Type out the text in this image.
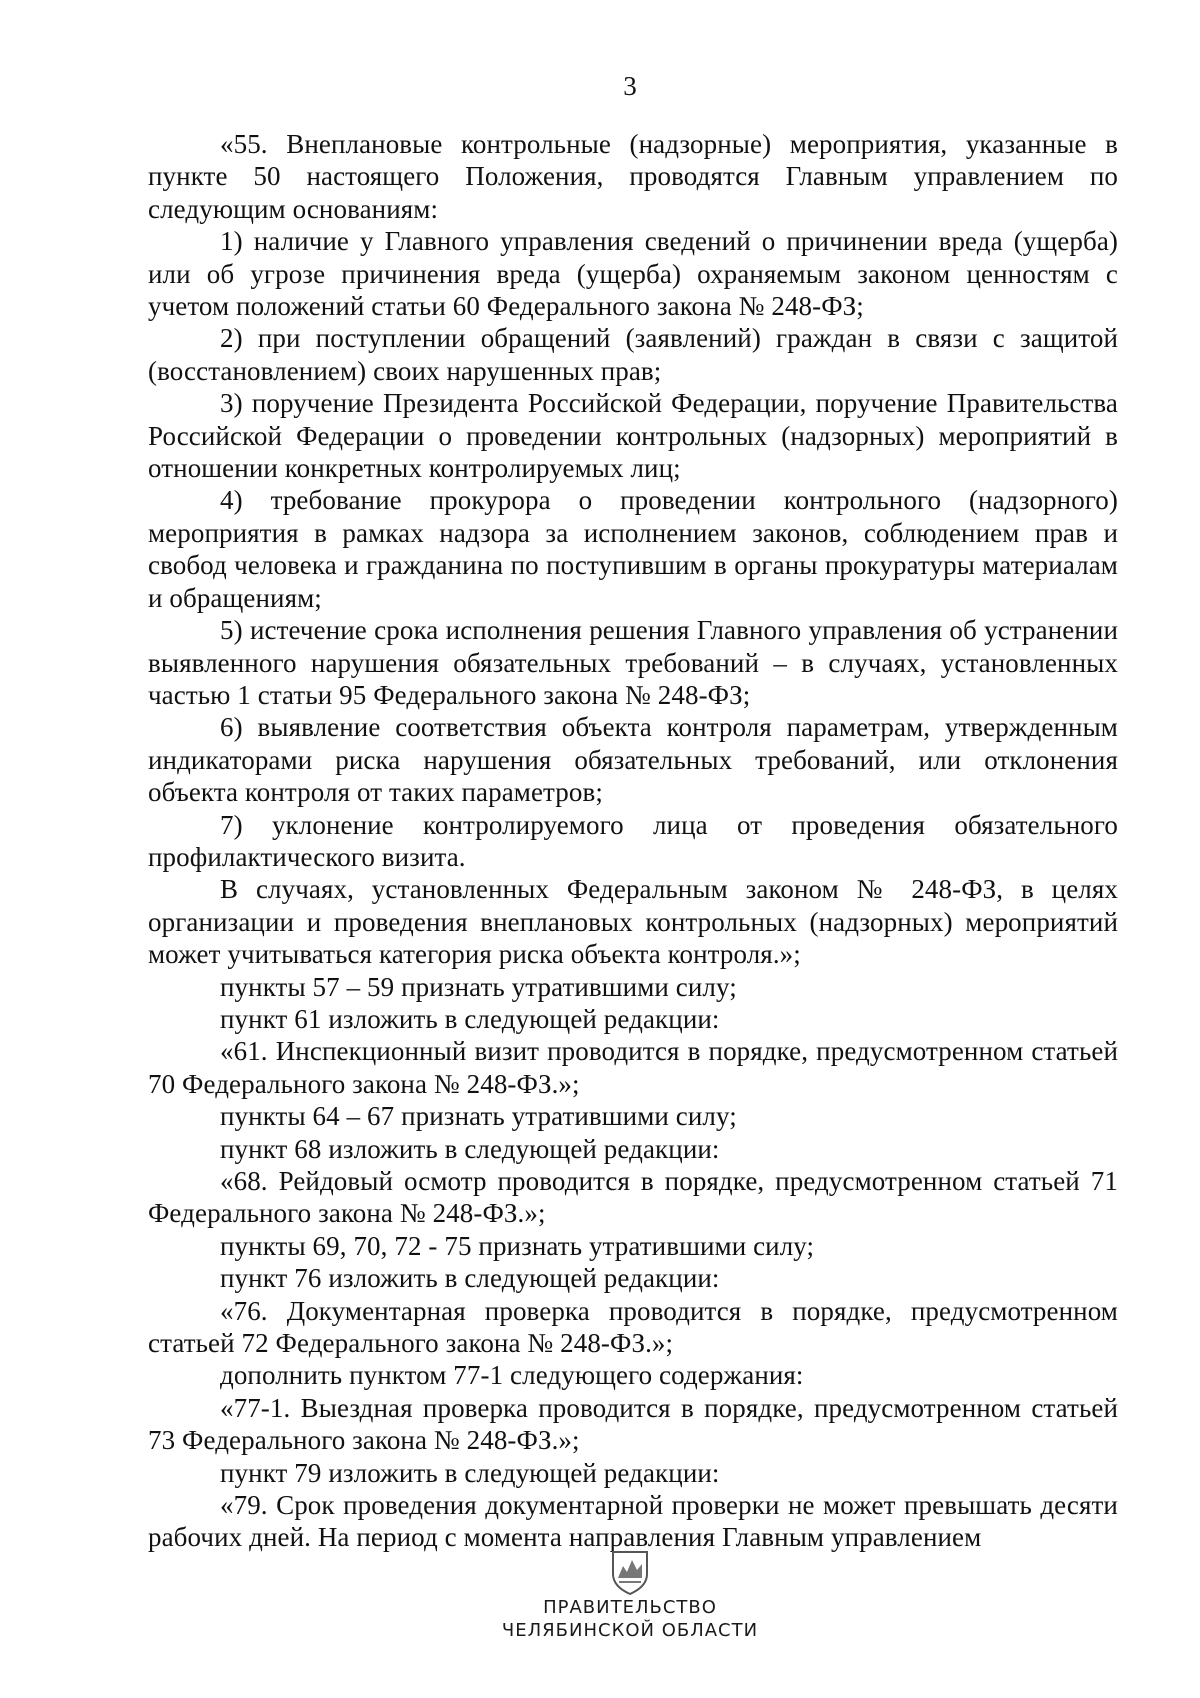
3

«55. Внеплановые контрольные (надзорные) мероприятия, указанные в пункте 50 настоящего Положения, проводятся Главным управлением по следующим основаниям:

1) наличие у Главного управления сведений о причинении вреда (ущерба) или об угрозе причинения вреда (ущерба) охраняемым законом ценностям с учетом положений статьи 60 Федерального закона № 248-ФЗ;

2) при поступлении обращений (заявлений) граждан в связи с защитой (восстановлением) своих нарушенных прав;

3) поручение Президента Российской Федерации, поручение Правительства Российской Федерации о проведении контрольных (надзорных) мероприятий в отношении конкретных контролируемых лиц;

4) требование прокурора о проведении контрольного (надзорного) мероприятия в рамках надзора за исполнением законов, соблюдением прав и свобод человека и гражданина по поступившим в органы прокуратуры материалам и обращениям;

5) истечение срока исполнения решения Главного управления об устранении выявленного нарушения обязательных требований – в случаях, установленных частью 1 статьи 95 Федерального закона № 248-ФЗ;

6) выявление соответствия объекта контроля параметрам, утвержденным индикаторами риска нарушения обязательных требований, или отклонения объекта контроля от таких параметров;

7) уклонение контролируемого лица от проведения обязательного профилактического визита.

В случаях, установленных Федеральным законом № 248-ФЗ, в целях организации и проведения внеплановых контрольных (надзорных) мероприятий может учитываться категория риска объекта контроля.»;

пункты 57 – 59 признать утратившими силу;

пункт 61 изложить в следующей редакции:

«61. Инспекционный визит проводится в порядке, предусмотренном статьей 70 Федерального закона № 248-ФЗ.»;

пункты 64 – 67 признать утратившими силу;

пункт 68 изложить в следующей редакции:

«68. Рейдовый осмотр проводится в порядке, предусмотренном статьей 71 Федерального закона № 248-ФЗ.»;

пункты 69, 70, 72 - 75 признать утратившими силу;

пункт 76 изложить в следующей редакции:

«76. Документарная проверка проводится в порядке, предусмотренном статьей 72 Федерального закона № 248-ФЗ.»;

дополнить пунктом 77-1 следующего содержания:

«77-1. Выездная проверка проводится в порядке, предусмотренном статьей 73 Федерального закона № 248-ФЗ.»;

пункт 79 изложить в следующей редакции:

«79. Срок проведения документарной проверки не может превышать десяти рабочих дней. На период с момента направления Главным управлением

ПРАВИТЕЛЬСТВО
ЧЕЛЯБИНСКОЙ ОБЛАСТИ
